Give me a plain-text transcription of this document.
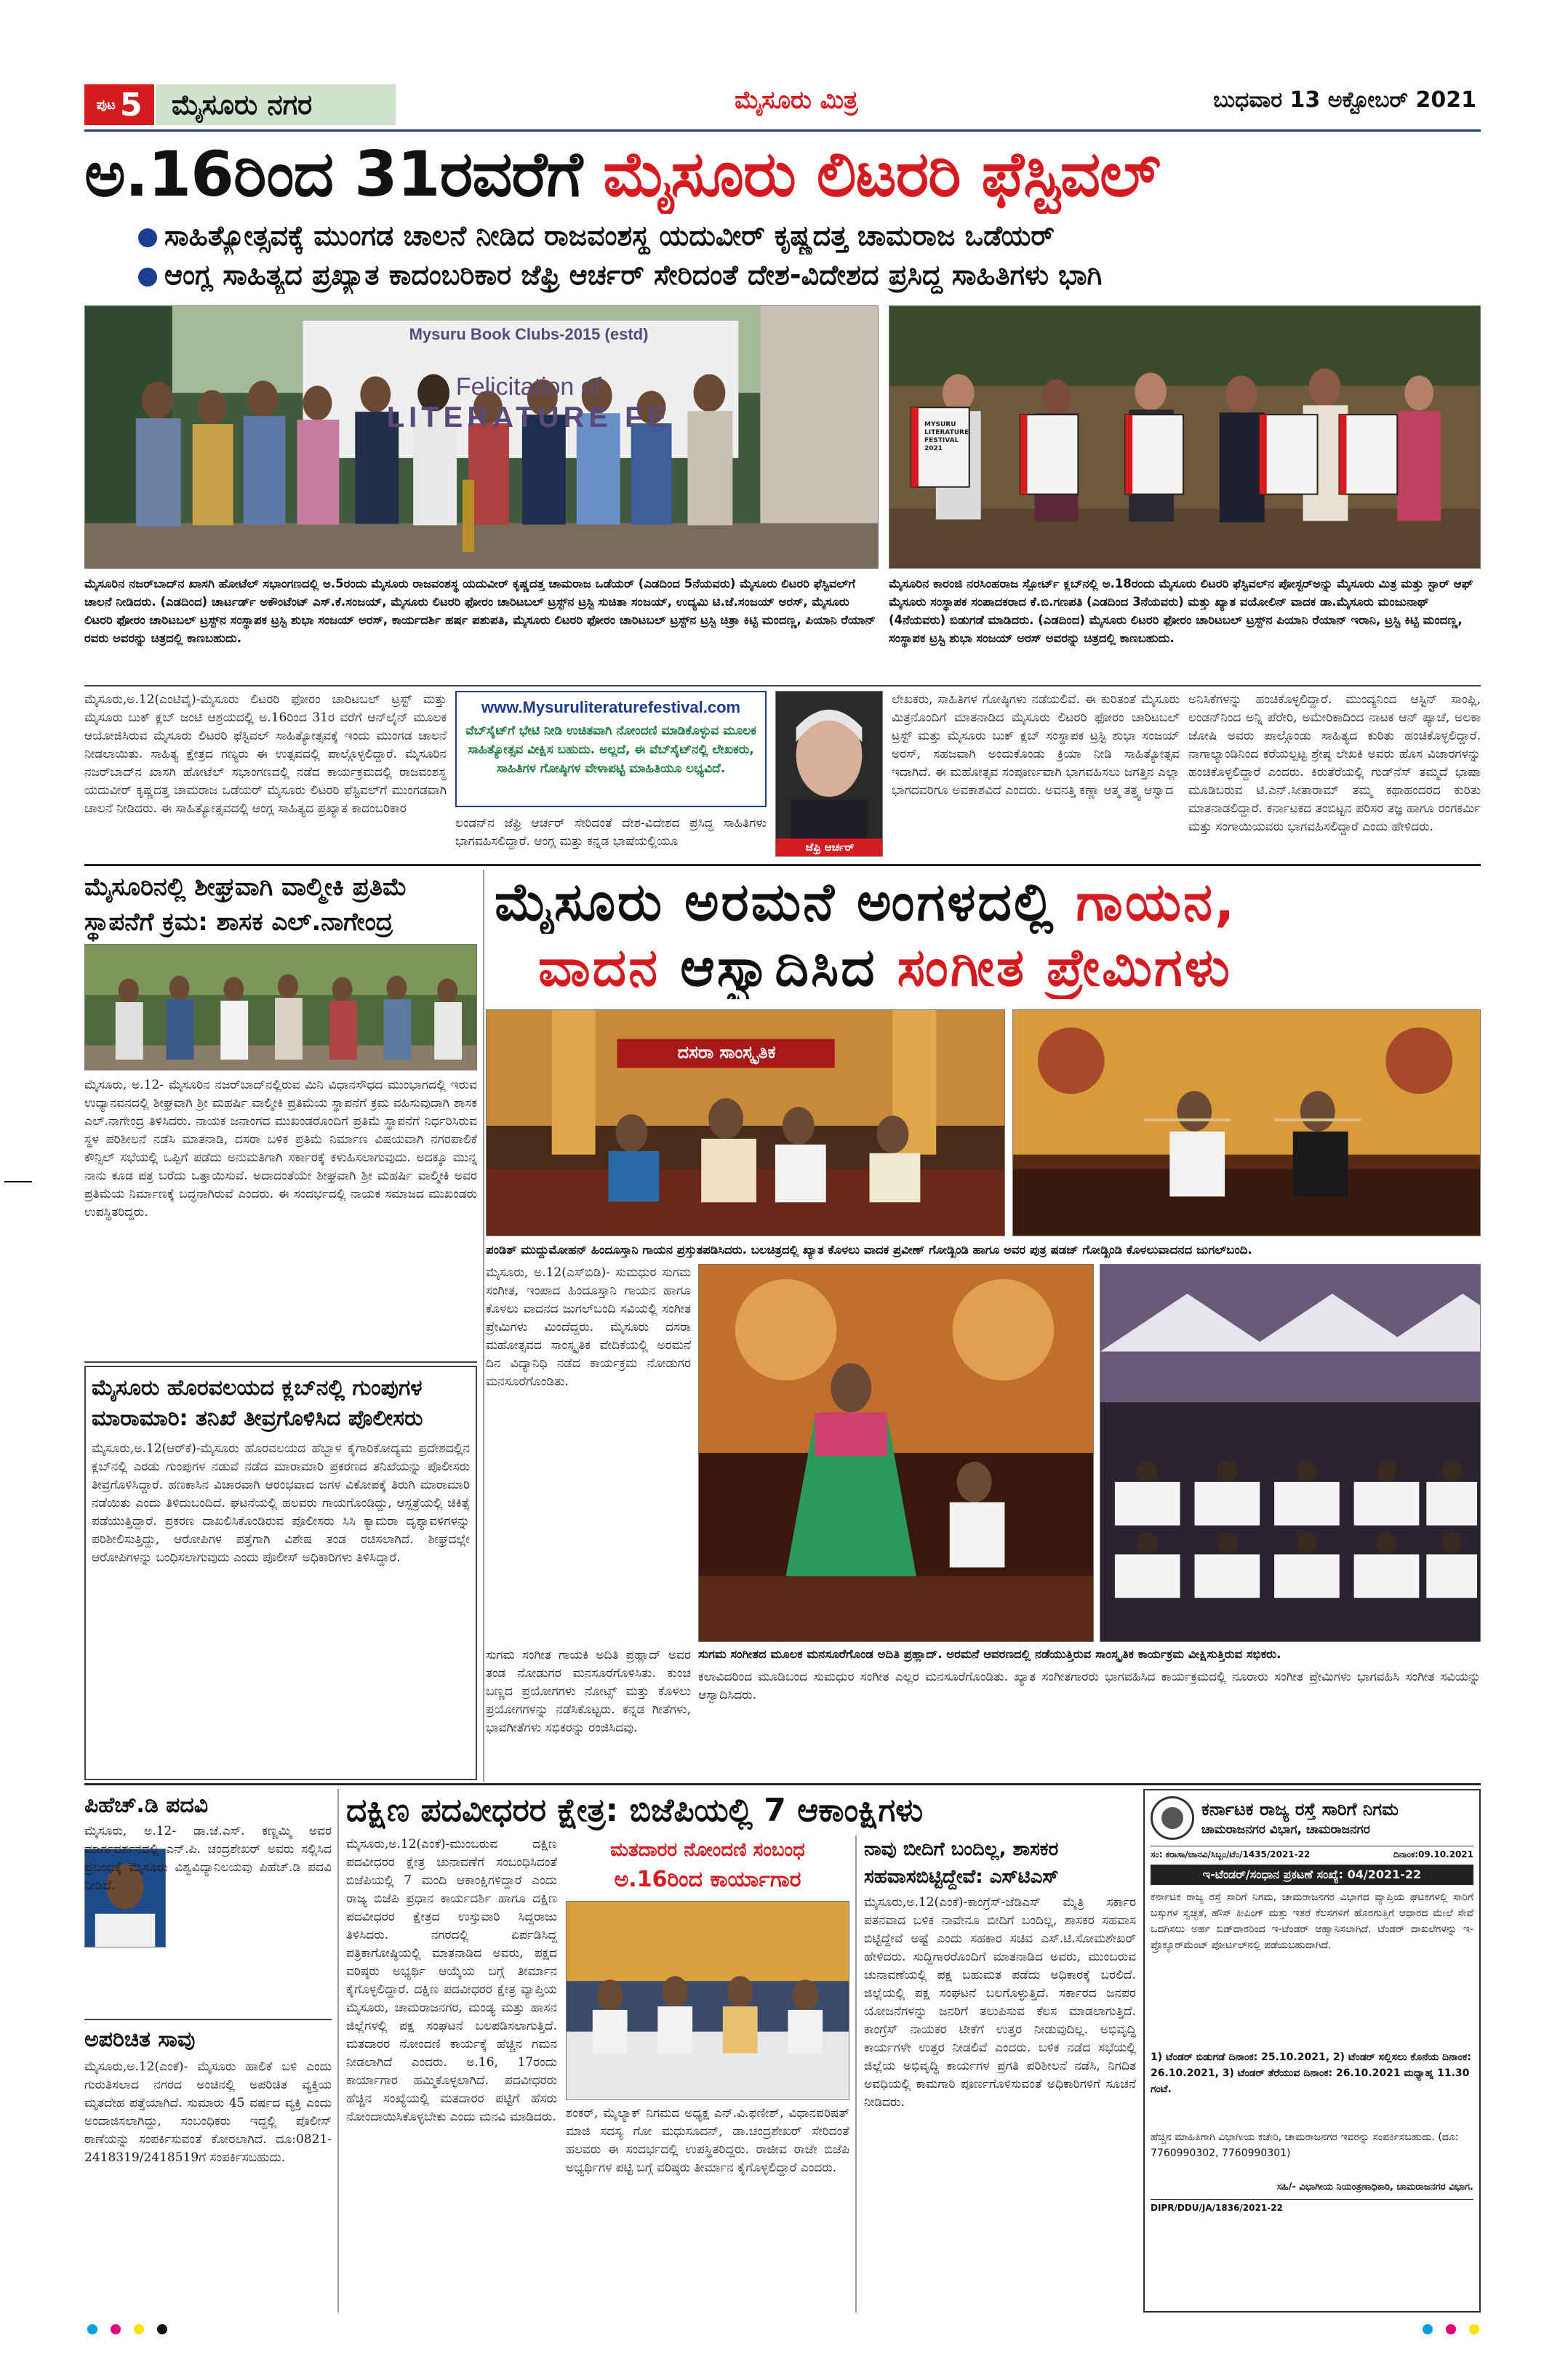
ಪುಟ 5 ಮೈಸೂರು ನಗರ	ಮೈಸೂರು ಮಿತ್ರ	ಬುಧವಾರ 13 ಅಕ್ಟೋಬರ್ 2021
ಅ.16ರಿಂದ 31ರವರೆಗೆ ಮೈಸೂರು ಲಿಟರರಿ ಫೆಸ್ಟಿವಲ್
ಸಾಹಿತ್ಯೋತ್ಸವಕ್ಕೆ ಮುಂಗಡ ಚಾಲನೆ ನೀಡಿದ ರಾಜವಂಶಸ್ಥ ಯದುವೀರ್ ಕೃಷ್ಣದತ್ತ ಚಾಮರಾಜ ಒಡೆಯರ್
ಆಂಗ್ಲ ಸಾಹಿತ್ಯದ ಪ್ರಖ್ಯಾತ ಕಾದಂಬರಿಕಾರ ಜೆಫ್ರಿ ಆರ್ಚರ್ ಸೇರಿದಂತೆ ದೇಶ-ವಿದೇಶದ ಪ್ರಸಿದ್ಧ ಸಾಹಿತಿಗಳು ಭಾಗಿ
Mysuru Book Clubs-2015 (estd)
Felicitation of
LITERATURE FE	MYSURU LITERATURE FESTIVAL 2021
ಮೈಸೂರಿನ ನಜರ್‌ಬಾದ್‌ನ ಖಾಸಗಿ ಹೋಟೆಲ್ ಸಭಾಂಗಣದಲ್ಲಿ ಅ.5ರಂದು ಮೈಸೂರು ರಾಜವಂಶಸ್ಥ ಯದುವೀರ್ ಕೃಷ್ಣದತ್ತ ಚಾಮರಾಜ ಒಡೆಯರ್ (ಎಡದಿಂದ 5ನೆಯವರು) ಮೈಸೂರು ಲಿಟರರಿ ಫೆಸ್ಟಿವಲ್‌ಗೆ ಚಾಲನೆ ನೀಡಿದರು. (ಎಡದಿಂದ) ಚಾರ್ಟರ್ಡ್ ಅಕೌಂಟೆಂಟ್ ಎಸ್.ಕೆ.ಸಂಜಯ್, ಮೈಸೂರು ಲಿಟರರಿ ಫೋರಂ ಚಾರಿಟಬಲ್ ಟ್ರಸ್ಟ್‌ನ ಟ್ರಸ್ಟಿ ಸುಚಿತಾ ಸಂಜಯ್, ಉದ್ಯಮಿ ಟಿ.ಜೆ.ಸಂಜಯ್ ಅರಸ್, ಮೈಸೂರು ಲಿಟರರಿ ಫೋರಂ ಚಾರಿಟಬಲ್ ಟ್ರಸ್ಟ್‌ನ ಸಂಸ್ಥಾಪಕ ಟ್ರಸ್ಟಿ ಶುಭಾ ಸಂಜಯ್ ಅರಸ್, ಕಾರ್ಯದರ್ಶಿ ಹರ್ಷ ಪಶುಪತಿ, ಮೈಸೂರು ಲಿಟರರಿ ಫೋರಂ ಚಾರಿಟಬಲ್ ಟ್ರಸ್ಟ್‌ನ ಟ್ರಸ್ಟಿ ಚಿತ್ರಾ ಕಿಟ್ಟಿ ಮಂದಣ್ಣ, ಪಿಯಾನಿ ರೆಯಾನ್ ರವರು ಅವರನ್ನು ಚಿತ್ರದಲ್ಲಿ ಕಾಣಬಹುದು.
ಮೈಸೂರಿನ ಕಾರಂಜಿ ನರಸಿಂಹರಾಜ ಸ್ಪೋರ್ಟ್ ಕ್ಲಬ್‌ನಲ್ಲಿ ಅ.18ರಂದು ಮೈಸೂರು ಲಿಟರರಿ ಫೆಸ್ಟಿವಲ್‌ನ ಪೋಸ್ಟರ್‌ಅನ್ನು ಮೈಸೂರು ಮಿತ್ರ ಮತ್ತು ಸ್ಟಾರ್ ಆಫ್ ಮೈಸೂರು ಸಂಸ್ಥಾಪಕ ಸಂಪಾದಕರಾದ ಕೆ.ಬಿ.ಗಣಪತಿ (ಎಡದಿಂದ 3ನೆಯವರು) ಮತ್ತು ಖ್ಯಾತ ವಯೋಲಿನ್ ವಾದಕ ಡಾ.ಮೈಸೂರು ಮಂಜುನಾಥ್ (4ನೆಯವರು) ಬಿಡುಗಡೆ ಮಾಡಿದರು. (ಎಡದಿಂದ) ಮೈಸೂರು ಲಿಟರರಿ ಫೋರಂ ಚಾರಿಟಬಲ್ ಟ್ರಸ್ಟ್‌ನ ಪಿಯಾನಿ ರೆಯಾನ್ ಇರಾನಿ, ಟ್ರಸ್ಟಿ ಕಿಟ್ಟಿ ಮಂದಣ್ಣ, ಸಂಸ್ಥಾಪಕ ಟ್ರಸ್ಟಿ ಶುಭಾ ಸಂಜಯ್ ಅರಸ್ ಅವರನ್ನು ಚಿತ್ರದಲ್ಲಿ ಕಾಣಬಹುದು.
ಮೈಸೂರು,ಅ.12(ಎಂಟಿವೈ)-ಮೈಸೂರು ಲಿಟರರಿ ಫೋರಂ ಚಾರಿಟಬಲ್ ಟ್ರಸ್ಟ್ ಮತ್ತು ಮೈಸೂರು ಬುಕ್ ಕ್ಲಬ್ ಜಂಟಿ ಆಶ್ರಯದಲ್ಲಿ ಅ.16ರಿಂದ 31ರ ವರೆಗೆ ಆನ್‌ಲೈನ್ ಮೂಲಕ ಆಯೋಜಿಸಿರುವ ಮೈಸೂರು ಲಿಟರರಿ ಫೆಸ್ಟಿವಲ್ ಸಾಹಿತ್ಯೋತ್ಸವಕ್ಕೆ ಇಂದು ಮುಂಗಡ ಚಾಲನೆ ನೀಡಲಾಯಿತು. ಸಾಹಿತ್ಯ ಕ್ಷೇತ್ರದ ಗಣ್ಯರು ಈ ಉತ್ಸವದಲ್ಲಿ ಪಾಲ್ಗೊಳ್ಳಲಿದ್ದಾರೆ. ಮೈಸೂರಿನ ನಜರ್‌ಬಾದ್‌ನ ಖಾಸಗಿ ಹೋಟೆಲ್ ಸಭಾಂಗಣದಲ್ಲಿ ನಡೆದ ಕಾರ್ಯಕ್ರಮದಲ್ಲಿ ರಾಜವಂಶಸ್ಥ ಯದುವೀರ್ ಕೃಷ್ಣದತ್ತ ಚಾಮರಾಜ ಒಡೆಯರ್ ಮೈಸೂರು ಲಿಟರರಿ ಫೆಸ್ಟಿವಲ್‌ಗೆ ಮುಂಗಡವಾಗಿ ಚಾಲನೆ ನೀಡಿದರು. ಈ ಸಾಹಿತ್ಯೋತ್ಸವದಲ್ಲಿ ಆಂಗ್ಲ ಸಾಹಿತ್ಯದ ಪ್ರಖ್ಯಾತ ಕಾದಂಬರಿಕಾರ
www.Mysuruliteraturefestival.com
ವೆಬ್‌ಸೈಟ್‌ಗೆ ಭೇಟಿ ನೀಡಿ ಉಚಿತವಾಗಿ ನೋಂದಣಿ ಮಾಡಿಕೊಳ್ಳುವ ಮೂಲಕ ಸಾಹಿತ್ಯೋತ್ಸವ ವೀಕ್ಷಿಸ ಬಹುದು. ಅಲ್ಲದೆ, ಈ ವೆಬ್‌ಸೈಟ್‌ನಲ್ಲಿ ಲೇಖಕರು, ಸಾಹಿತಿಗಳ ಗೋಷ್ಠಿಗಳ ವೇಳಾಪಟ್ಟಿ ಮಾಹಿತಿಯೂ ಲಭ್ಯವಿದೆ.
ಲಂಡನ್‌ನ ಜೆಫ್ರಿ ಆರ್ಚರ್ ಸೇರಿದಂತೆ ದೇಶ-ವಿದೇಶದ ಪ್ರಸಿದ್ಧ ಸಾಹಿತಿಗಳು ಭಾಗವಹಿಸಲಿದ್ದಾರೆ. ಆಂಗ್ಲ ಮತ್ತು ಕನ್ನಡ ಭಾಷೆಯಲ್ಲಿಯೂ	ಜೆಫ್ರಿ ಆರ್ಚರ್
ಲೇಖಕರು, ಸಾಹಿತಿಗಳ ಗೋಷ್ಠಿಗಳು ನಡೆಯಲಿವೆ. ಈ ಕುರಿತಂತೆ ಮೈಸೂರು ಮಿತ್ರನೊಂದಿಗೆ ಮಾತನಾಡಿದ ಮೈಸೂರು ಲಿಟರರಿ ಫೋರಂ ಚಾರಿಟಬಲ್ ಟ್ರಸ್ಟ್ ಮತ್ತು ಮೈಸೂರು ಬುಕ್ ಕ್ಲಬ್ ಸಂಸ್ಥಾಪಕ ಟ್ರಸ್ಟಿ ಶುಭಾ ಸಂಜಯ್ ಅರಸ್, ಸಹಜವಾಗಿ ಅಂದುಕೊಂಡು ಕ್ರಿಯಾ ನೀಡಿ ಸಾಹಿತ್ಯೋತ್ಸವ ಇದಾಗಿದೆ. ಈ ಮಹೋತ್ಸವ ಸಂಪೂರ್ಣವಾಗಿ ಭಾಗವಹಿಸಲು ಜಗತ್ತಿನ ಎಲ್ಲಾ ಭಾಗದವರಿಗೂ ಅವಕಾಶವಿದೆ ಎಂದರು. ಅವನತ್ತಿ ಕಣ್ಣಾ ಆತ್ಮ ತತ್ತ್ವ ಆಸ್ವಾದ
ಅನಿಸಿಕೆಗಳನ್ನು ಹಂಚಿಕೊಳ್ಳಲಿದ್ದಾರೆ. ಮುಂದ್ಯನಿಂದ ಆಸ್ಟಿನ್ ಸಾಂಪ್ಲಿ, ಲಂಡನ್‌ನಿಂದ ಅನ್ನಿ ಪೆರೇರಿ, ಅಮೇರಿಕಾದಿಂದ ನಾಟಕ ಆನ್ ಪ್ಯಾಚೆ, ಅಲಕಾ ಜೋಷಿ ಅವರು ಪಾಲ್ಗೊಂಡು ಸಾಹಿತ್ಯದ ಕುರಿತು ಹಂಚಿಕೊಳ್ಳಲಿದ್ದಾರೆ. ನಾಗಾಲ್ಯಾಂಡಿನಿಂದ ಕರೆಯಲ್ಪಟ್ಟ ಶ್ರೇಷ್ಠ ಲೇಖಕಿ ಅವರು ಹೊಸ ವಿಚಾರಗಳನ್ನು ಹಂಚಿಕೊಳ್ಳಲಿದ್ದಾರೆ ಎಂದರು. ಕಿರುತೆರೆಯಲ್ಲಿ ಗುಡ್‌ನೆಸ್ ತಮ್ಮದೆ ಭಾಷಾ ಮೂಡಿಬರುವ ಟಿ.ಎನ್.ಸೀತಾರಾಮ್ ತಮ್ಮ ಕಥಾಹಂದರದ ಕುರಿತು ಮಾತನಾಡಲಿದ್ದಾರೆ. ಕರ್ನಾಟಕದ ತಂಬಿಟ್ಟನ ಪರಿಸರ ತಜ್ಞ ಹಾಗೂ ರಂಗಕರ್ಮಿ ಮತ್ತು ಸಂಗಾಯಿಯವರು ಭಾಗವಹಿಸಲಿದ್ದಾರೆ ಎಂದು ಹೇಳಿದರು.
ಮೈಸೂರಿನಲ್ಲಿ ಶೀಘ್ರವಾಗಿ ವಾಲ್ಮೀಕಿ ಪ್ರತಿಮೆ ಸ್ಥಾಪನೆಗೆ ಕ್ರಮ: ಶಾಸಕ ಎಲ್.ನಾಗೇಂದ್ರ
ಮೈಸೂರು, ಅ.12- ಮೈಸೂರಿನ ನಜರ್‌ಬಾದ್‌ನಲ್ಲಿರುವ ಮಿನಿ ವಿಧಾನಸೌಧದ ಮುಂಭಾಗದಲ್ಲಿ ಇರುವ ಉದ್ಯಾನವನದಲ್ಲಿ ಶೀಘ್ರವಾಗಿ ಶ್ರೀ ಮಹರ್ಷಿ ವಾಲ್ಮೀಕಿ ಪ್ರತಿಮೆಯ ಸ್ಥಾಪನೆಗೆ ಕ್ರಮ ವಹಿಸುವುದಾಗಿ ಶಾಸಕ ಎಲ್.ನಾಗೇಂದ್ರ ತಿಳಿಸಿದರು. ನಾಯಕ ಜನಾಂಗದ ಮುಖಂಡರೊಂದಿಗೆ ಪ್ರತಿಮೆ ಸ್ಥಾಪನೆಗೆ ನಿರ್ಧರಿಸಿರುವ ಸ್ಥಳ ಪರಿಶೀಲನೆ ನಡೆಸಿ ಮಾತನಾಡಿ, ದಸರಾ ಬಳಿಕ ಪ್ರತಿಮೆ ನಿರ್ಮಾಣ ವಿಷಯವಾಗಿ ನಗರಪಾಲಿಕೆ ಕೌನ್ಸಿಲ್ ಸಭೆಯಲ್ಲಿ ಒಪ್ಪಿಗೆ ಪಡೆದು ಅನುಮತಿಗಾಗಿ ಸರ್ಕಾರಕ್ಕೆ ಕಳುಹಿಸಲಾಗುವುದು. ಅದಕ್ಕೂ ಮುನ್ನ ನಾನು ಕೂಡ ಪತ್ರ ಬರೆದು ಒತ್ತಾಯಿಸುವೆ. ಅದಾದಂತೆಯೇ ಶೀಘ್ರವಾಗಿ ಶ್ರೀ ಮಹರ್ಷಿ ವಾಲ್ಮೀಕಿ ಅವರ ಪ್ರತಿಮೆಯ ನಿರ್ಮಾಣಕ್ಕೆ ಬದ್ಧನಾಗಿರುವೆ ಎಂದರು. ಈ ಸಂದರ್ಭದಲ್ಲಿ ನಾಯಕ ಸಮಾಜದ ಮುಖಂಡರು ಉಪಸ್ಥಿತರಿದ್ದರು.
ಮೈಸೂರು ಹೊರವಲಯದ ಕ್ಲಬ್‌ನಲ್ಲಿ ಗುಂಪುಗಳ ಮಾರಾಮಾರಿ: ತನಿಖೆ ತೀವ್ರಗೊಳಿಸಿದ ಪೊಲೀಸರು
ಮೈಸೂರು,ಅ.12(ಆರ್‌ಕೆ)-ಮೈಸೂರು ಹೊರವಲಯದ ಹೆಬ್ಬಾಳ ಕೈಗಾರಿಕೋದ್ಯಮ ಪ್ರದೇಶದಲ್ಲಿನ ಕ್ಲಬ್‌ನಲ್ಲಿ ಎರಡು ಗುಂಪುಗಳ ನಡುವೆ ನಡೆದ ಮಾರಾಮಾರಿ ಪ್ರಕರಣದ ತನಿಖೆಯನ್ನು ಪೊಲೀಸರು ತೀವ್ರಗೊಳಿಸಿದ್ದಾರೆ. ಹಣಕಾಸಿನ ವಿಚಾರವಾಗಿ ಆರಂಭವಾದ ಜಗಳ ವಿಕೋಪಕ್ಕೆ ತಿರುಗಿ ಮಾರಾಮಾರಿ ನಡೆಯಿತು ಎಂದು ತಿಳಿದುಬಂದಿದೆ. ಘಟನೆಯಲ್ಲಿ ಹಲವರು ಗಾಯಗೊಂಡಿದ್ದು, ಆಸ್ಪತ್ರೆಯಲ್ಲಿ ಚಿಕಿತ್ಸೆ ಪಡೆಯುತ್ತಿದ್ದಾರೆ. ಪ್ರಕರಣ ದಾಖಲಿಸಿಕೊಂಡಿರುವ ಪೊಲೀಸರು ಸಿಸಿ ಕ್ಯಾಮರಾ ದೃಶ್ಯಾವಳಿಗಳನ್ನು ಪರಿಶೀಲಿಸುತ್ತಿದ್ದು, ಆರೋಪಿಗಳ ಪತ್ತೆಗಾಗಿ ವಿಶೇಷ ತಂಡ ರಚಿಸಲಾಗಿದೆ. ಶೀಘ್ರದಲ್ಲೇ ಆರೋಪಿಗಳನ್ನು ಬಂಧಿಸಲಾಗುವುದು ಎಂದು ಪೊಲೀಸ್ ಅಧಿಕಾರಿಗಳು ತಿಳಿಸಿದ್ದಾರೆ.
ಮೈಸೂರು ಅರಮನೆ ಅಂಗಳದಲ್ಲಿ ಗಾಯನ,
ವಾದನ ಆಸ್ವಾದಿಸಿದ ಸಂಗೀತ ಪ್ರೇಮಿಗಳು
ದಸರಾ ಸಾಂಸ್ಕೃತಿಕ
ಪಂಡಿತ್ ಮುದ್ದುಮೋಹನ್ ಹಿಂದೂಸ್ತಾನಿ ಗಾಯನ ಪ್ರಸ್ತುತಪಡಿಸಿದರು. ಬಲಚಿತ್ರದಲ್ಲಿ ಖ್ಯಾತ ಕೊಳಲು ವಾದಕ ಪ್ರವೀಣ್ ಗೋಡ್ಖಿಂಡಿ ಹಾಗೂ ಅವರ ಪುತ್ರ ಷಡಜ್ ಗೋಡ್ಖಿಂಡಿ ಕೊಳಲುವಾದನದ ಜುಗಲ್‌ಬಂದಿ.
ಮೈಸೂರು, ಅ.12(ಎಸ್‌ಬಿಡಿ)- ಸುಮಧುರ ಸುಗಮ ಸಂಗೀತ, ಇಂಪಾದ ಹಿಂದೂಸ್ತಾನಿ ಗಾಯನ ಹಾಗೂ ಕೊಳಲು ವಾದನದ ಜುಗಲ್‌ಬಂದಿ ಸವಿಯಲ್ಲಿ ಸಂಗೀತ ಪ್ರೇಮಿಗಳು ಮಿಂದೆದ್ದರು. ಮೈಸೂರು ದಸರಾ ಮಹೋತ್ಸವದ ಸಾಂಸ್ಕೃತಿಕ ವೇದಿಕೆಯಲ್ಲಿ ಅರಮನೆ ದಿನ ವಿದ್ಯಾನಿಧಿ ನಡೆದ ಕಾರ್ಯಕ್ರಮ ನೋಡುಗರ ಮನಸೂರೆಗೊಂಡಿತು.
ಸುಗಮ ಸಂಗೀತದ ಮೂಲಕ ಮನಸೂರೆಗೊಂಡ ಅದಿತಿ ಪ್ರಹ್ಲಾದ್. ಅರಮನೆ ಆವರಣದಲ್ಲಿ ನಡೆಯುತ್ತಿರುವ ಸಾಂಸ್ಕೃತಿಕ ಕಾರ್ಯಕ್ರಮ ವೀಕ್ಷಿಸುತ್ತಿರುವ ಸಭಿಕರು.
ಸುಗಮ ಸಂಗೀತ ಗಾಯಕಿ ಅದಿತಿ ಪ್ರಹ್ಲಾದ್ ಅವರ ತಂಡ ನೋಡುಗರ ಮನಸೂರೆಗೊಳಿಸಿತು. ಕುಂಚ ಬಣ್ಣದ ಪ್ರಯೋಗಗಳು ನೋಟ್ಸ್ ಮತ್ತು ಕೊಳಲು ಪ್ರಯೋಗಗಳನ್ನು ನಡೆಸಿಕೊಟ್ಟರು. ಕನ್ನಡ ಗೀತೆಗಳು, ಭಾವಗೀತೆಗಳು ಸಭಿಕರನ್ನು ರಂಜಿಸಿದವು.
ಕಲಾವಿದರಿಂದ ಮೂಡಿಬಂದ ಸುಮಧುರ ಸಂಗೀತ ಎಲ್ಲರ ಮನಸೂರೆಗೊಂಡಿತು. ಖ್ಯಾತ ಸಂಗೀತಗಾರರು ಭಾಗವಹಿಸಿದ ಕಾರ್ಯಕ್ರಮದಲ್ಲಿ ನೂರಾರು ಸಂಗೀತ ಪ್ರೇಮಿಗಳು ಭಾಗವಹಿಸಿ ಸಂಗೀತ ಸವಿಯನ್ನು ಆಸ್ವಾದಿಸಿದರು.
ಪಿಹೆಚ್.ಡಿ ಪದವಿ
ಮೈಸೂರು, ಅ.12- ಡಾ.ಜೆ.ಎಸ್. ಕಣ್ಣಮ್ಮಿ ಅವರ ಮಾರ್ಗದರ್ಶನದಲ್ಲಿ ಎನ್.ಪಿ. ಚಂದ್ರಶೇಖರ್ ಅವರು ಸಲ್ಲಿಸಿದ ಪ್ರಬಂಧಕ್ಕೆ ಮೈಸೂರು ವಿಶ್ವವಿದ್ಯಾನಿಲಯವು ಪಿಹೆಚ್.ಡಿ ಪದವಿ ನೀಡಿದೆ.
ಅಪರಿಚಿತ ಸಾವು
ಮೈಸೂರು,ಅ.12(ಎಂಕೆ)- ಮೈಸೂರು ಹಾಲಿಕೆ ಬಳಿ ಎಂದು ಗುರುತಿಸಲಾದ ನಗರದ ಅಂಚಿನಲ್ಲಿ ಅಪರಿಚಿತ ವ್ಯಕ್ತಿಯ ಮೃತದೇಹ ಪತ್ತೆಯಾಗಿದೆ. ಸುಮಾರು 45 ವರ್ಷದ ವ್ಯಕ್ತಿ ಎಂದು ಅಂದಾಜಿಸಲಾಗಿದ್ದು, ಸಂಬಂಧಿಕರು ಇದ್ದಲ್ಲಿ ಪೊಲೀಸ್ ಠಾಣೆಯನ್ನು ಸಂಪರ್ಕಿಸುವಂತೆ ಕೋರಲಾಗಿದೆ. ದೂ:0821-2418319/2418519ಗೆ ಸಂಪರ್ಕಿಸಬಹುದು.
ದಕ್ಷಿಣ ಪದವೀಧರರ ಕ್ಷೇತ್ರ: ಬಿಜೆಪಿಯಲ್ಲಿ 7 ಆಕಾಂಕ್ಷಿಗಳು
ಮೈಸೂರು,ಅ.12(ಎಂಕೆ)-ಮುಂಬರುವ ದಕ್ಷಿಣ ಪದವೀಧರರ ಕ್ಷೇತ್ರ ಚುನಾವಣೆಗೆ ಸಂಬಂಧಿಸಿದಂತೆ ಬಿಜೆಪಿಯಲ್ಲಿ 7 ಮಂದಿ ಆಕಾಂಕ್ಷಿಗಳಿದ್ದಾರೆ ಎಂದು ರಾಜ್ಯ ಬಿಜೆಪಿ ಪ್ರಧಾನ ಕಾರ್ಯದರ್ಶಿ ಹಾಗೂ ದಕ್ಷಿಣ ಪದವೀಧರರ ಕ್ಷೇತ್ರದ ಉಸ್ತುವಾರಿ ಸಿದ್ದರಾಜು ತಿಳಿಸಿದರು. ನಗರದಲ್ಲಿ ಏರ್ಪಡಿಸಿದ್ದ ಪತ್ರಿಕಾಗೋಷ್ಠಿಯಲ್ಲಿ ಮಾತನಾಡಿದ ಅವರು, ಪಕ್ಷದ ವರಿಷ್ಠರು ಅಭ್ಯರ್ಥಿ ಆಯ್ಕೆಯ ಬಗ್ಗೆ ತೀರ್ಮಾನ ಕೈಗೊಳ್ಳಲಿದ್ದಾರೆ. ದಕ್ಷಿಣ ಪದವೀಧರರ ಕ್ಷೇತ್ರ ವ್ಯಾಪ್ತಿಯ ಮೈಸೂರು, ಚಾಮರಾಜನಗರ, ಮಂಡ್ಯ ಮತ್ತು ಹಾಸನ ಜಿಲ್ಲೆಗಳಲ್ಲಿ ಪಕ್ಷ ಸಂಘಟನೆ ಬಲಪಡಿಸಲಾಗುತ್ತಿದೆ. ಮತದಾರರ ನೋಂದಣಿ ಕಾರ್ಯಕ್ಕೆ ಹೆಚ್ಚಿನ ಗಮನ ನೀಡಲಾಗಿದೆ ಎಂದರು. ಅ.16, 17ರಂದು ಕಾರ್ಯಾಗಾರ ಹಮ್ಮಿಕೊಳ್ಳಲಾಗಿದೆ. ಪದವೀಧರರು ಹೆಚ್ಚಿನ ಸಂಖ್ಯೆಯಲ್ಲಿ ಮತದಾರರ ಪಟ್ಟಿಗೆ ಹೆಸರು ನೋಂದಾಯಿಸಿಕೊಳ್ಳಬೇಕು ಎಂದು ಮನವಿ ಮಾಡಿದರು.
ಮತದಾರರ ನೋಂದಣಿ ಸಂಬಂಧ
ಅ.16ರಿಂದ ಕಾರ್ಯಾಗಾರ
ಶಂಕರ್, ಮೈಲ್ಯಾಕ್ ನಿಗಮದ ಅಧ್ಯಕ್ಷ ಎನ್.ವಿ.ಫಣೀಶ್, ವಿಧಾನಪರಿಷತ್ ಮಾಜಿ ಸದಸ್ಯ ಗೋ ಮಧುಸೂದನ್, ಡಾ.ಚಂದ್ರಶೇಖರ್ ಸೇರಿದಂತೆ ಹಲವರು ಈ ಸಂದರ್ಭದಲ್ಲಿ ಉಪಸ್ಥಿತರಿದ್ದರು. ರಾಜೀವ ರಾಜೇ ಬಿಜೆಪಿ ಅಭ್ಯರ್ಥಿಗಳ ಪಟ್ಟಿ ಬಗ್ಗೆ ವರಿಷ್ಠರು ತೀರ್ಮಾನ ಕೈಗೊಳ್ಳಲಿದ್ದಾರೆ ಎಂದರು.
ನಾವು ಬೀದಿಗೆ ಬಂದಿಲ್ಲ, ಶಾಸಕರ
ಸಹವಾಸಬಿಟ್ಟಿದ್ದೇವೆ: ಎಸ್‌ಟಿಎಸ್
ಮೈಸೂರು,ಅ.12(ಎಂಕೆ)-ಕಾಂಗ್ರೆಸ್-ಜೆಡಿಎಸ್ ಮೈತ್ರಿ ಸರ್ಕಾರ ಪತನವಾದ ಬಳಿಕ ನಾವೇನೂ ಬೀದಿಗೆ ಬಂದಿಲ್ಲ, ಶಾಸಕರ ಸಹವಾಸ ಬಿಟ್ಟಿದ್ದೇವೆ ಅಷ್ಟೆ ಎಂದು ಸಹಕಾರ ಸಚಿವ ಎಸ್.ಟಿ.ಸೋಮಶೇಖರ್ ಹೇಳಿದರು. ಸುದ್ದಿಗಾರರೊಂದಿಗೆ ಮಾತನಾಡಿದ ಅವರು, ಮುಂಬರುವ ಚುನಾವಣೆಯಲ್ಲಿ ಪಕ್ಷ ಬಹುಮತ ಪಡೆದು ಅಧಿಕಾರಕ್ಕೆ ಬರಲಿದೆ. ಜಿಲ್ಲೆಯಲ್ಲಿ ಪಕ್ಷ ಸಂಘಟನೆ ಬಲಗೊಳ್ಳುತ್ತಿದೆ. ಸರ್ಕಾರದ ಜನಪರ ಯೋಜನೆಗಳನ್ನು ಜನರಿಗೆ ತಲುಪಿಸುವ ಕೆಲಸ ಮಾಡಲಾಗುತ್ತಿದೆ. ಕಾಂಗ್ರೆಸ್ ನಾಯಕರ ಟೀಕೆಗೆ ಉತ್ತರ ನೀಡುವುದಿಲ್ಲ. ಅಭಿವೃದ್ಧಿ ಕಾರ್ಯಗಳೇ ಉತ್ತರ ನೀಡಲಿವೆ ಎಂದರು. ಬಳಿಕ ನಡೆದ ಸಭೆಯಲ್ಲಿ ಜಿಲ್ಲೆಯ ಅಭಿವೃದ್ಧಿ ಕಾರ್ಯಗಳ ಪ್ರಗತಿ ಪರಿಶೀಲನೆ ನಡೆಸಿ, ನಿಗದಿತ ಅವಧಿಯಲ್ಲಿ ಕಾಮಗಾರಿ ಪೂರ್ಣಗೊಳಿಸುವಂತೆ ಅಧಿಕಾರಿಗಳಿಗೆ ಸೂಚನೆ ನೀಡಿದರು.
ಕರ್ನಾಟಕ ರಾಜ್ಯ ರಸ್ತೆ ಸಾರಿಗೆ ನಿಗಮ
ಚಾಮರಾಜನಗರ ವಿಭಾಗ, ಚಾಮರಾಜನಗರ
ಸಂ: ಕರಾಸಾ/ಚಾನವಿ/ಸಿಬ್ಬಂ/ಟೆಂ/1435/2021-22	ದಿನಾಂಕ:09.10.2021
ಇ-ಟೆಂಡರ್/ಸಂಧಾನ ಪ್ರಕಟಣೆ ಸಂಖ್ಯೆ: 04/2021-22
ಕರ್ನಾಟಕ ರಾಜ್ಯ ರಸ್ತೆ ಸಾರಿಗೆ ನಿಗಮ, ಚಾಮರಾಜನಗರ ವಿಭಾಗದ ವ್ಯಾಪ್ತಿಯ ಘಟಕಗಳಲ್ಲಿ ಸಾರಿಗೆ ಬಸ್ಸುಗಳ ಸ್ವಚ್ಛತೆ, ಹೌಸ್ ಕೀಪಿಂಗ್ ಮತ್ತು ಇತರೆ ಕೆಲಸಗಳಿಗೆ ಹೊರಗುತ್ತಿಗೆ ಆಧಾರದ ಮೇಲೆ ಸೇವೆ ಒದಗಿಸಲು ಅರ್ಹ ಬಿಡ್‌ದಾರರಿಂದ ಇ-ಟೆಂಡರ್ ಆಹ್ವಾನಿಸಲಾಗಿದೆ. ಟೆಂಡರ್ ದಾಖಲೆಗಳನ್ನು ಇ-ಪ್ರೊಕ್ಯೂರ್‌ಮೆಂಟ್ ಪೋರ್ಟಲ್‌ನಲ್ಲಿ ಪಡೆಯಬಹುದಾಗಿದೆ.
1) ಟೆಂಡರ್ ಬಿಡುಗಡೆ ದಿನಾಂಕ: 25.10.2021, 2) ಟೆಂಡರ್ ಸಲ್ಲಿಸಲು ಕೊನೆಯ ದಿನಾಂಕ: 26.10.2021, 3) ಟೆಂಡರ್ ತೆರೆಯುವ ದಿನಾಂಕ: 26.10.2021 ಮಧ್ಯಾಹ್ನ 11.30 ಗಂಟೆ.
ಹೆಚ್ಚಿನ ಮಾಹಿತಿಗಾಗಿ ವಿಭಾಗೀಯ ಕಚೇರಿ, ಚಾಮರಾಜನಗರ ಇವರನ್ನು ಸಂಪರ್ಕಿಸಬಹುದು. (ದೂ: 7760990302, 7760990301)
ಸಹಿ/- ವಿಭಾಗೀಯ ನಿಯಂತ್ರಣಾಧಿಕಾರಿ, ಚಾಮರಾಜನಗರ ವಿಭಾಗ.
DIPR/DDU/JA/1836/2021-22
